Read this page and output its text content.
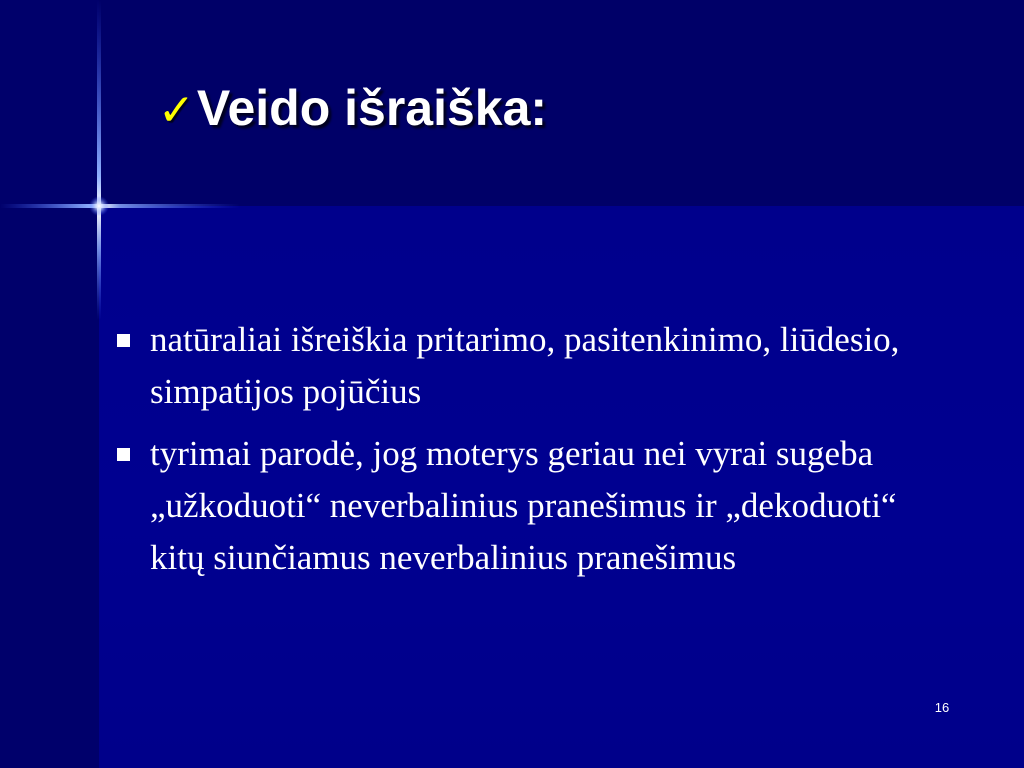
✓Veido išraiška:
natūraliai išreiškia pritarimo, pasitenkinimo, liūdesio, simpatijos pojūčius
tyrimai parodė, jog moterys geriau nei vyrai sugeba „užkoduoti“ neverbalinius pranešimus ir „dekoduoti“ kitų siunčiamus neverbalinius pranešimus
16
